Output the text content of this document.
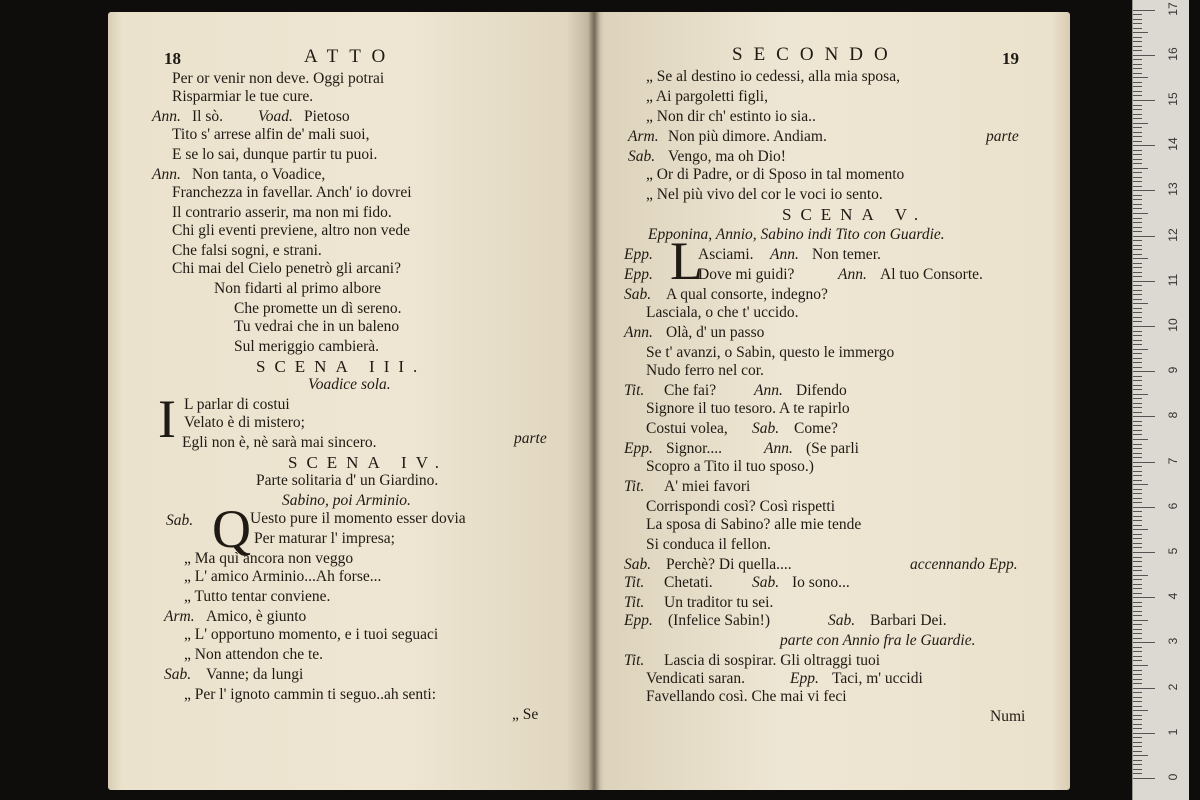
18	ATTO
Per or venir non deve. Oggi potrai
Risparmiar le tue cure.
Ann. Il sò. Voad. Pietoso
Tito s' arrese alfin de' mali suoi,
E se lo sai, dunque partir tu puoi.
Ann. Non tanta, o Voadice,
Franchezza in favellar. Anch' io dovrei
Il contrario asserir, ma non mi fido.
Chi gli eventi previene, altro non vede
Che falsi sogni, e strani.
Chi mai del Cielo penetrò gli arcani?
Non fidarti al primo albore
Che promette un dì sereno.
Tu vedrai che in un baleno
Sul meriggio cambierà.
SCENA III.
Voadice sola.
I L parlar di costui
Velato è di mistero;
Egli non è, nè sarà mai sincero.	parte
SCENA IV.
Parte solitaria d' un Giardino.
Sabino, poi Arminio.
Sab. Q Uesto pure il momento esser dovia
Per maturar l' impresa;
„ Ma quì ancora non veggo
„ L' amico Arminio...Ah forse...
„ Tutto tentar conviene.
Arm. Amico, è giunto
„ L' opportuno momento, e i tuoi seguaci
„ Non attendon che te.
Sab. Vanne; da lungi
„ Per l' ignoto cammin ti seguo..ah senti:
„ Se
SECONDO	19
„ Se al destino io cedessi, alla mia sposa,
„ Ai pargoletti figli,
„ Non dir ch' estinto io sia..
Arm. Non più dimore. Andiam.	parte
Sab. Vengo, ma oh Dio!
„ Or di Padre, or di Sposo in tal momento
„ Nel più vivo del cor le voci io sento.
SCENA V.
Epponina, Annio, Sabino indi Tito con Guardie.
Epp. L
Asciami. Ann. Non temer.
Epp.	Dove mi guidi?	Ann. Al tuo Consorte.
Sab. A qual consorte, indegno?
Lasciala, o che t' uccido.
Ann. Olà, d' un passo
Se t' avanzi, o Sabin, questo le immergo
Nudo ferro nel cor.
Tit. Che fai? Ann. Difendo
Signore il tuo tesoro. A te rapirlo
Costui volea, Sab. Come?
Epp. Signor....	Ann. (Se parli
Scopro a Tito il tuo sposo.)
Tit. A' miei favori
Corrispondi così? Così rispetti
La sposa di Sabino? alle mie tende
Si conduca il fellon.
Sab. Perchè? Di quella....	accennando Epp.
Tit. Chetati.	Sab. Io sono...
Tit. Un traditor tu sei.
Epp. (Infelice Sabin!)	Sab. Barbari Dei.
parte con Annio fra le Guardie.
Tit. Lascia di sospirar. Gli oltraggi tuoi
Vendicati saran.	Epp. Taci, m' uccidi
Favellando così. Che mai vi feci
Numi
0
1
2
3
4
5
6
7
8
9
10
11
12
13
14
15
16
17
